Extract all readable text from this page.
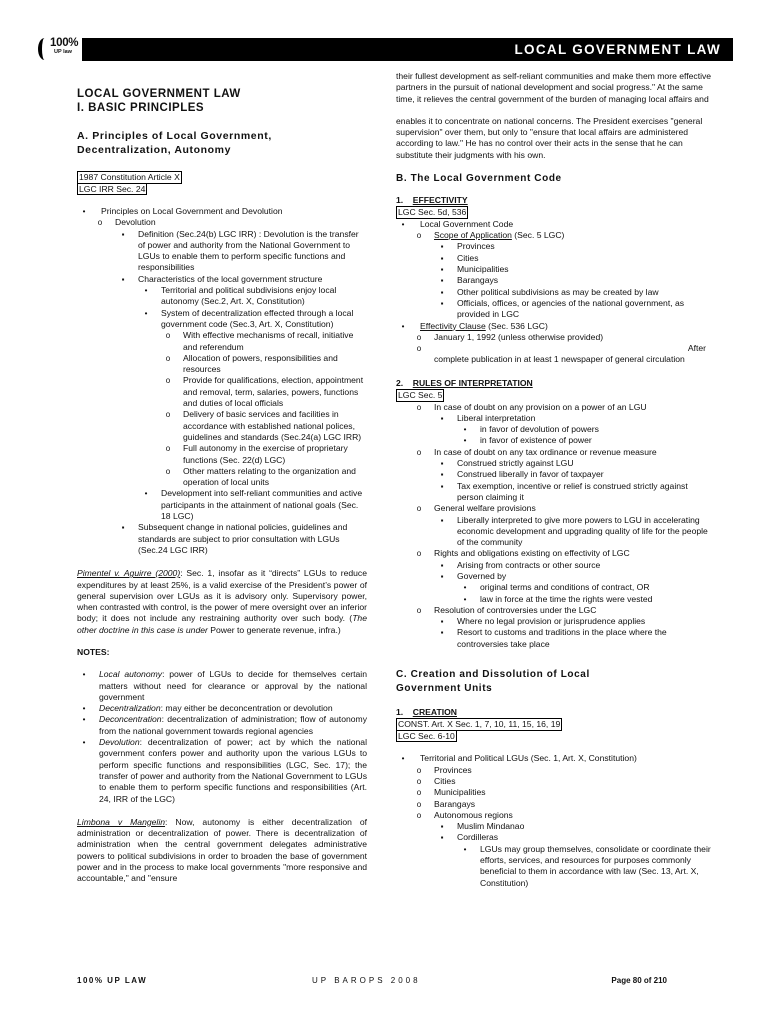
LOCAL GOVERNMENT LAW
100%
UP law

LOCAL GOVERNMENT LAW

I. BASIC PRINCIPLES

A. Principles of Local Government,

Decentralization, Autonomy

1987 Constitution Article X
LGC IRR Sec. 24
•	Principles on Local Government and Devolution
o	Devolution
▪	Definition (Sec.24(b) LGC IRR) : Devolution is the transfer of power and authority from the National Government to LGUs to enable them to perform specific functions and responsibilities
▪	Characteristics of the local government structure
•	Territorial and political subdivisions enjoy local autonomy (Sec.2, Art. X, Constitution)
•	System of decentralization effected through a local government code (Sec.3, Art. X, Constitution)
o	With effective mechanisms of recall, initiative and referendum
o	Allocation of powers, responsibilities and resources
o	Provide for qualifications, election, appointment and removal, term, salaries, powers, functions and duties of local officials
o	Delivery of basic services and facilities in accordance with established national polices, guidelines and standards (Sec.24(a) LGC IRR)
o	Full autonomy in the exercise of proprietary functions (Sec. 22(d) LGC)
o	Other matters relating to the organization and operation of local units
•	Development into self-reliant communities and active participants in the attainment of national goals (Sec. 18 LGC)
▪	Subsequent change in national policies, guidelines and standards are subject to prior consultation with LGUs (Sec.24 LGC IRR)

Pimentel v. Aguirre (2000): Sec. 1, insofar as it “directs” LGUs to reduce expenditures by at least 25%, is a valid exercise of the President’s power of general supervision over LGUs as it is advisory only. Supervisory power, when contrasted with control, is the power of mere oversight over an inferior body; it does not include any restraining authority over such body. (The other doctrine in this case is under Power to generate revenue, infra.)

NOTES:

•	Local autonomy: power of LGUs to decide for themselves certain matters without need for clearance or approval by the national government
•	Decentralization: may either be deconcentration or devolution
•	Deconcentration: decentralization of administration; flow of autonomy from the national government towards regional agencies
•	Devolution: decentralization of power; act by which the national government confers power and authority upon the various LGUs to perform specific functions and responsibilities (LGC, Sec. 17); the transfer of power and authority from the National Government to LGUs to enable them to perform specific functions and responsibilities (Art. 24, IRR of the LGC)

Limbona v Mangelin: Now, autonomy is either decentralization of administration or decentralization of power. There is decentralization of administration when the central government delegates administrative powers to political subdivisions in order to broaden the base of government power and in the process to make local governments "more responsive and accountable," and "ensure

their fullest development as self-reliant communities and make them more effective partners in the pursuit of national development and social progress." At the same time, it relieves the central government of the burden of managing local affairs and

enables it to concentrate on national concerns. The President exercises "general supervision" over them, but only to "ensure that local affairs are administered according to law." He has no control over their acts in the sense that he can substitute their judgments with his own.

B. The Local Government Code

1. EFFECTIVITY

LGC Sec. 5d, 536
•	Local Government Code
o	Scope of Application (Sec. 5 LGC)
▪	Provinces
▪	Cities
▪	Municipalities
▪	Barangays
▪	Other political subdivisions as may be created by law
▪	Officials, offices, or agencies of the national government, as provided in LGC
•	Effectivity Clause (Sec. 536 LGC)
o	January 1, 1992 (unless otherwise provided)
o	After
complete publication in at least 1 newspaper of general circulation

2. RULES OF INTERPRETATION

LGC Sec. 5
o	In case of doubt on any provision on a power of an LGU
▪	Liberal interpretation
•	in favor of devolution of powers
•	in favor of existence of power
o	In case of doubt on any tax ordinance or revenue measure
▪	Construed strictly against LGU
▪	Construed liberally in favor of taxpayer
▪	Tax exemption, incentive or relief is construed strictly against person claiming it
o	General welfare provisions
▪	Liberally interpreted to give more powers to LGU in accelerating economic development and upgrading quality of life for the people of the community
o	Rights and obligations existing on effectivity of LGC
▪	Arising from contracts or other source
▪	Governed by
•	original terms and conditions of contract, OR
•	law in force at the time the rights were vested
o	Resolution of controversies under the LGC
▪	Where no legal provision or jurisprudence applies
▪	Resort to customs and traditions in the place where the controversies take place

C. Creation and Dissolution of Local

Government Units

1. CREATION

CONST. Art. X Sec. 1, 7, 10, 11, 15, 16, 19
LGC Sec. 6-10
•	Territorial and Political LGUs (Sec. 1, Art. X, Constitution)
o	Provinces
o	Cities
o	Municipalities
o	Barangays
o	Autonomous regions
▪	Muslim Mindanao
▪	Cordilleras
•	LGUs may group themselves, consolidate or coordinate their efforts, services, and resources for purposes commonly beneficial to them in accordance with law (Sec. 13, Art. X, Constitution)
100% UP LAW	UP BAROPS 2008	Page 80 of 210
